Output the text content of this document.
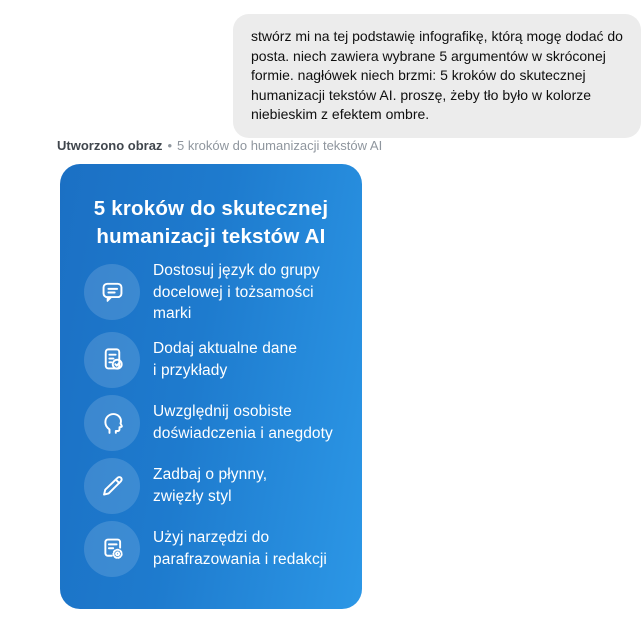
stwórz mi na tej podstawię infografikę, którą mogę dodać do posta. niech zawiera wybrane 5 argumentów w skróconej formie. nagłówek niech brzmi: 5 kroków do skutecznej humanizacji tekstów AI. proszę, żeby tło było w kolorze niebieskim z efektem ombre.
Utworzono obraz • 5 kroków do humanizacji tekstów AI
5 kroków do skutecznej
humanizacji tekstów AI
Dostosuj język do grupy
docelowej i tożsamości marki
Dodaj aktualne dane
i przykłady
Uwzględnij osobiste
doświadczenia i anegdoty
Zadbaj o płynny,
zwięzły styl
Użyj narzędzi do
parafrazowania i redakcji
